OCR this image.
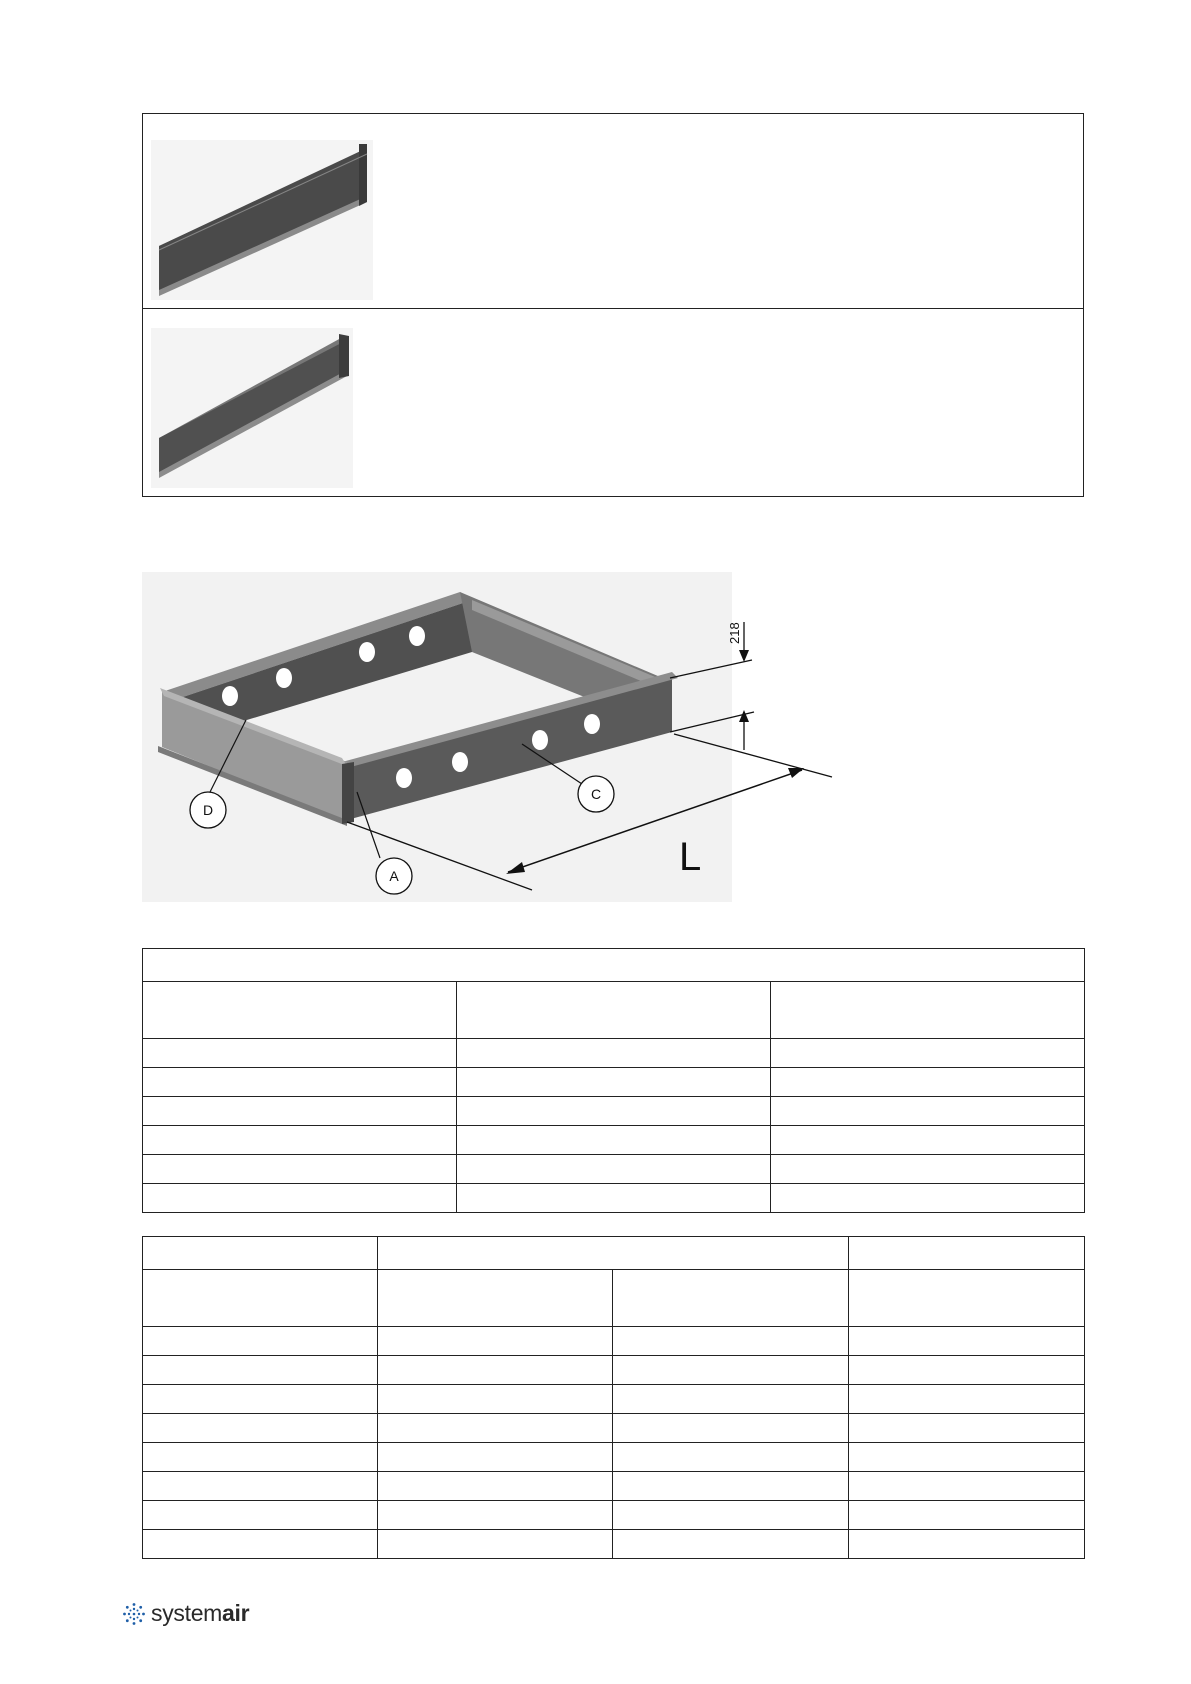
218
L
C
D
A

systemair
